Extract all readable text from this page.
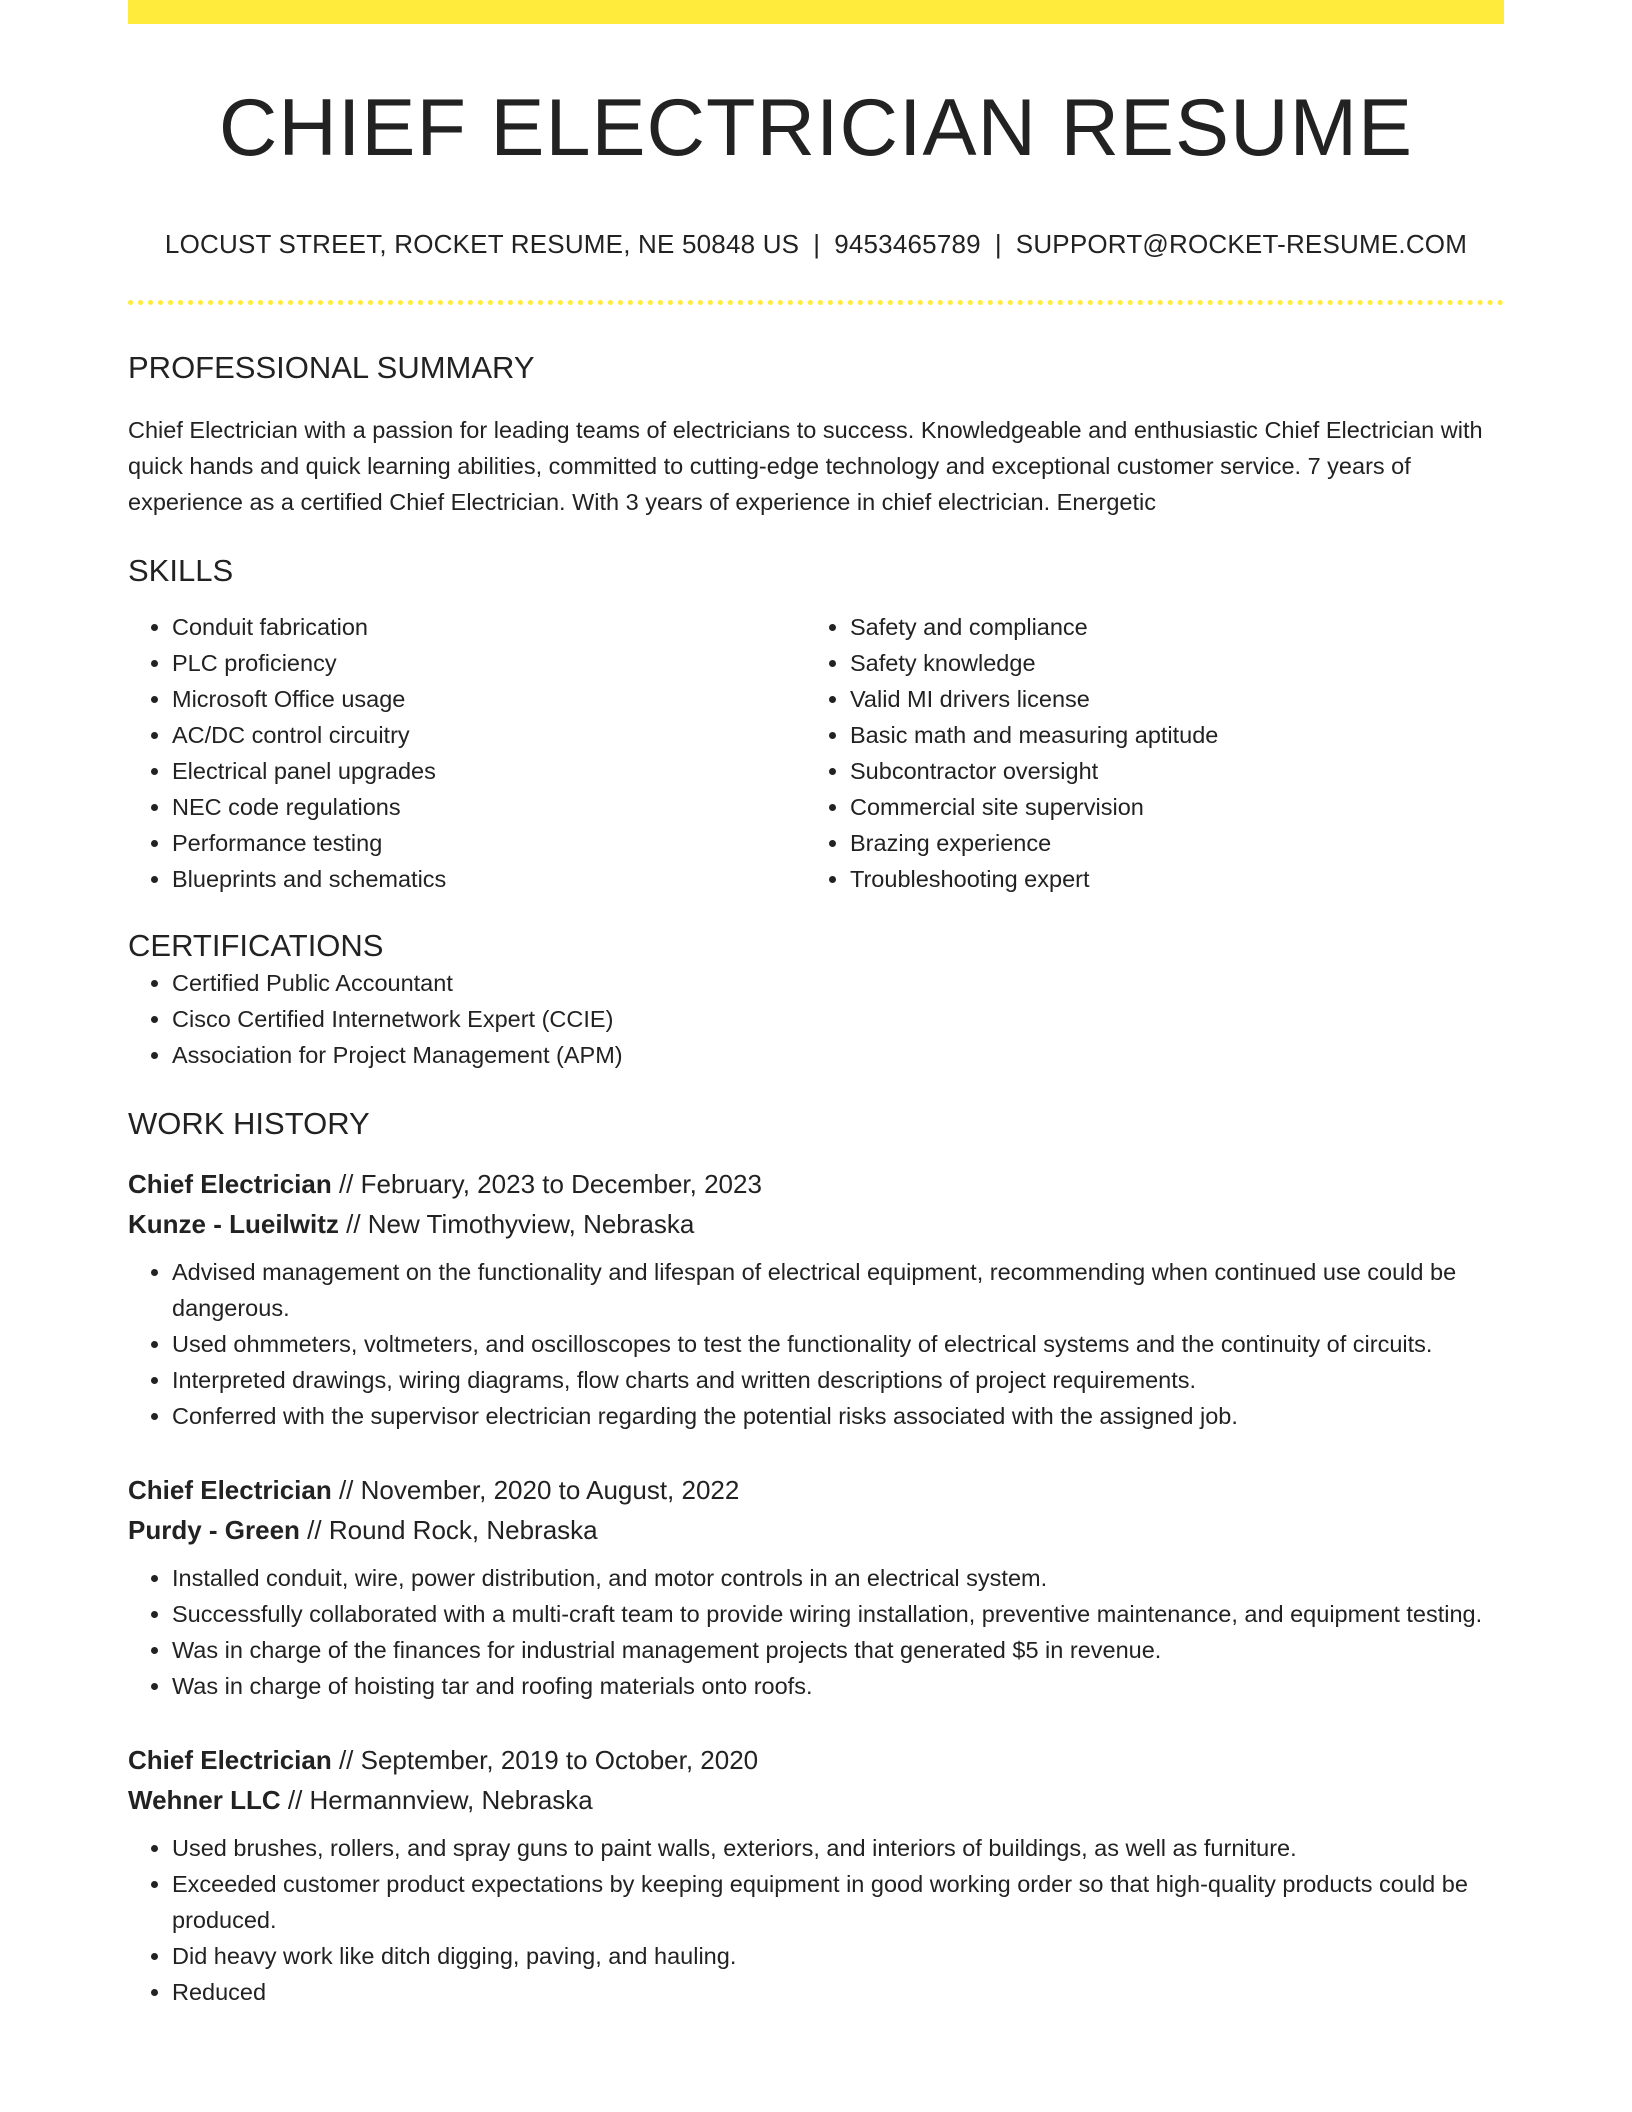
CHIEF ELECTRICIAN RESUME
LOCUST STREET, ROCKET RESUME, NE 50848 US | 9453465789 | SUPPORT@ROCKET-RESUME.COM
PROFESSIONAL SUMMARY

Chief Electrician with a passion for leading teams of electricians to success. Knowledgeable and enthusiastic Chief Electrician with quick hands and quick learning abilities, committed to cutting-edge technology and exceptional customer service. 7 years of experience as a certified Chief Electrician. With 3 years of experience in chief electrician. Energetic

SKILLS
• Conduit fabrication
• PLC proficiency
• Microsoft Office usage
• AC/DC control circuitry
• Electrical panel upgrades
• NEC code regulations
• Performance testing
• Blueprints and schematics
• Safety and compliance
• Safety knowledge
• Valid MI drivers license
• Basic math and measuring aptitude
• Subcontractor oversight
• Commercial site supervision
• Brazing experience
• Troubleshooting expert
CERTIFICATIONS
• Certified Public Accountant
• Cisco Certified Internetwork Expert (CCIE)
• Association for Project Management (APM)
WORK HISTORY
Chief Electrician // February, 2023 to December, 2023
Kunze - Lueilwitz // New Timothyview, Nebraska
• Advised management on the functionality and lifespan of electrical equipment, recommending when continued use could be dangerous.
• Used ohmmeters, voltmeters, and oscilloscopes to test the functionality of electrical systems and the continuity of circuits.
• Interpreted drawings, wiring diagrams, flow charts and written descriptions of project requirements.
• Conferred with the supervisor electrician regarding the potential risks associated with the assigned job.
Chief Electrician // November, 2020 to August, 2022
Purdy - Green // Round Rock, Nebraska
• Installed conduit, wire, power distribution, and motor controls in an electrical system.
• Successfully collaborated with a multi-craft team to provide wiring installation, preventive maintenance, and equipment testing.
• Was in charge of the finances for industrial management projects that generated $5 in revenue.
• Was in charge of hoisting tar and roofing materials onto roofs.
Chief Electrician // September, 2019 to October, 2020
Wehner LLC // Hermannview, Nebraska
• Used brushes, rollers, and spray guns to paint walls, exteriors, and interiors of buildings, as well as furniture.
• Exceeded customer product expectations by keeping equipment in good working order so that high-quality products could be produced.
• Did heavy work like ditch digging, paving, and hauling.
• Reduced
